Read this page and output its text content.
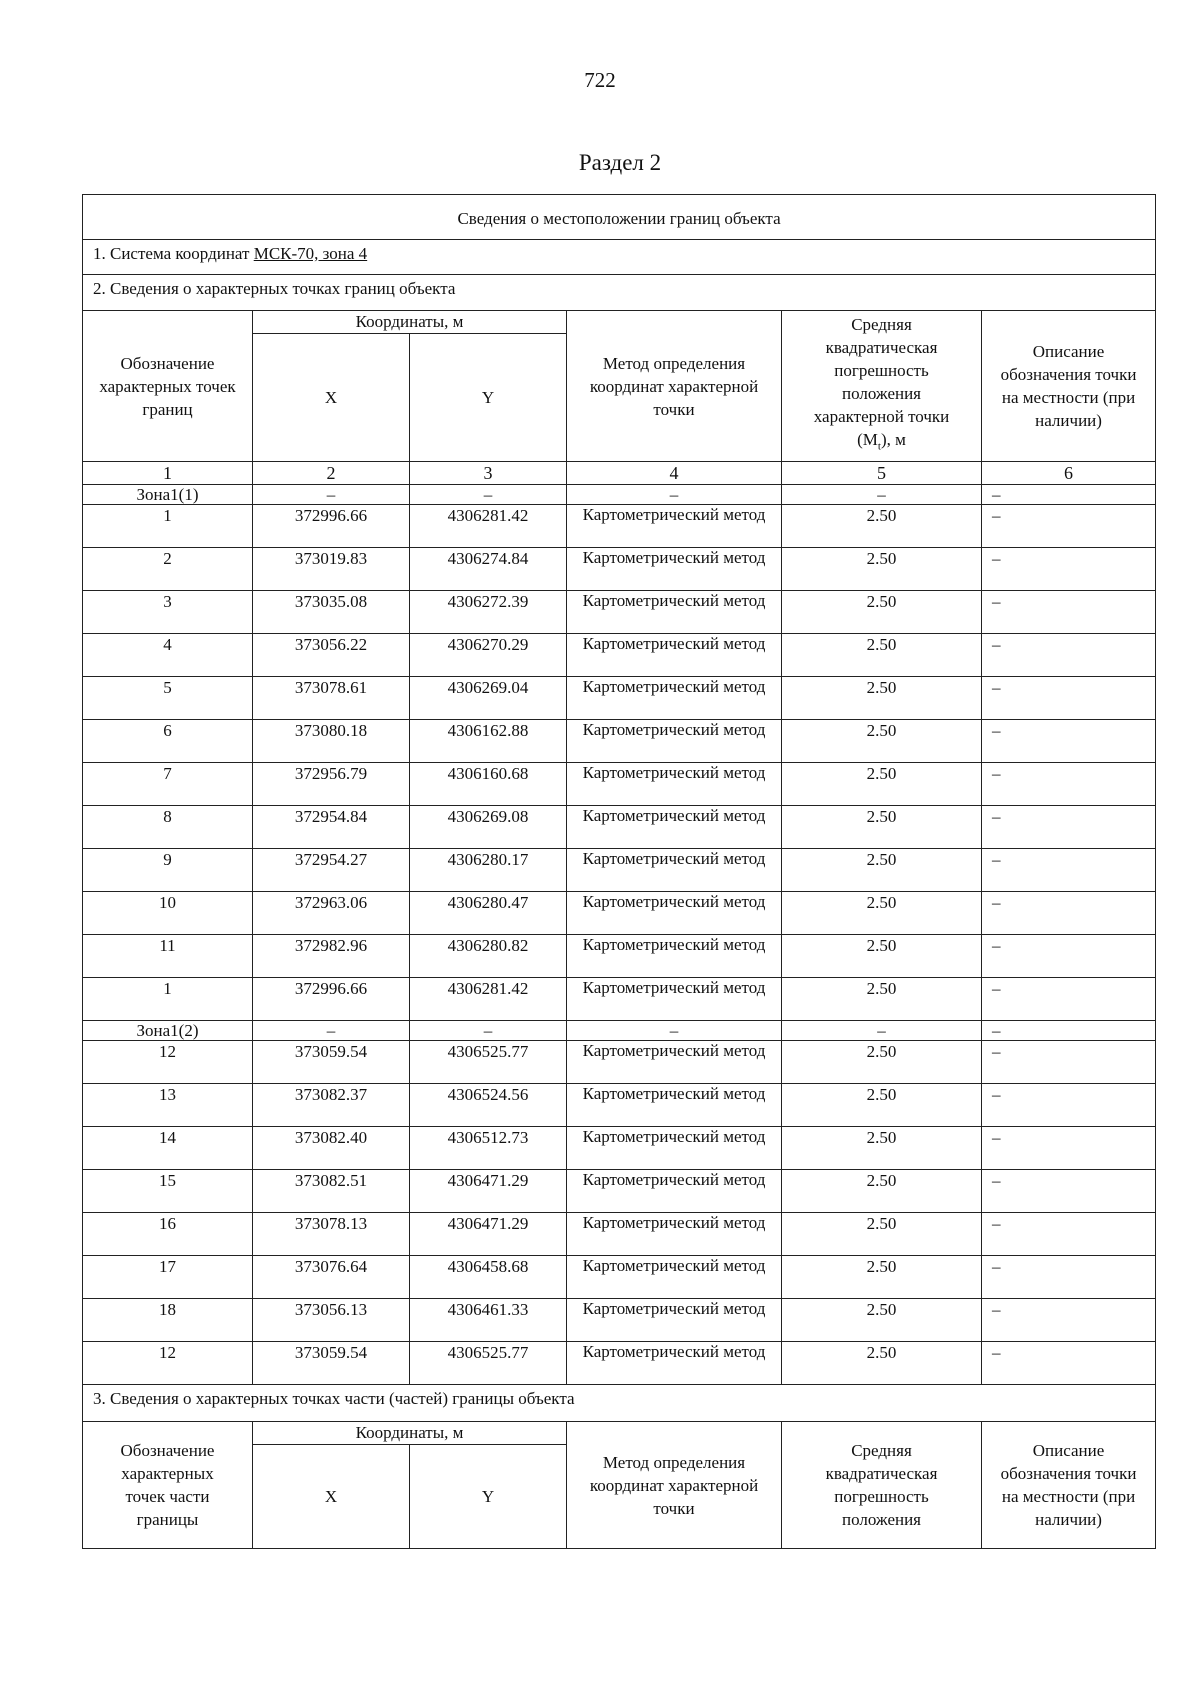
722
Раздел 2
Сведения о местоположении границ объекта					
1. Система координат МСК-70, зона 4					
2. Сведения о характерных точках границ объекта					
Обозначение характерных точек границ	Координаты, м		Метод определения координат характерной точки	Средняя квадратическая погрешность положения характерной точки $(M_t)$, м	Описание обозначения точки на местности (при наличии)
	X	Y			
1	2	3	4	5	6
Зона1(1)	–	–	–	–	–
1	372996.66	4306281.42	Картометрический метод	2.50	–
2	373019.83	4306274.84	Картометрический метод	2.50	–
3	373035.08	4306272.39	Картометрический метод	2.50	–
4	373056.22	4306270.29	Картометрический метод	2.50	–
5	373078.61	4306269.04	Картометрический метод	2.50	–
6	373080.18	4306162.88	Картометрический метод	2.50	–
7	372956.79	4306160.68	Картометрический метод	2.50	–
8	372954.84	4306269.08	Картометрический метод	2.50	–
9	372954.27	4306280.17	Картометрический метод	2.50	–
10	372963.06	4306280.47	Картометрический метод	2.50	–
11	372982.96	4306280.82	Картометрический метод	2.50	–
1	372996.66	4306281.42	Картометрический метод	2.50	–
Зона1(2)	–	–	–	–	–
12	373059.54	4306525.77	Картометрический метод	2.50	–
13	373082.37	4306524.56	Картометрический метод	2.50	–
14	373082.40	4306512.73	Картометрический метод	2.50	–
15	373082.51	4306471.29	Картометрический метод	2.50	–
16	373078.13	4306471.29	Картометрический метод	2.50	–
17	373076.64	4306458.68	Картометрический метод	2.50	–
18	373056.13	4306461.33	Картометрический метод	2.50	–
12	373059.54	4306525.77	Картометрический метод	2.50	–
3. Сведения о характерных точках части (частей) границы объекта					
Обозначение характерных точек части границы	Координаты, м		Метод определения координат характерной точки	Средняя квадратическая погрешность положения	Описание обозначения точки на местности (при наличии)
	X	Y			
